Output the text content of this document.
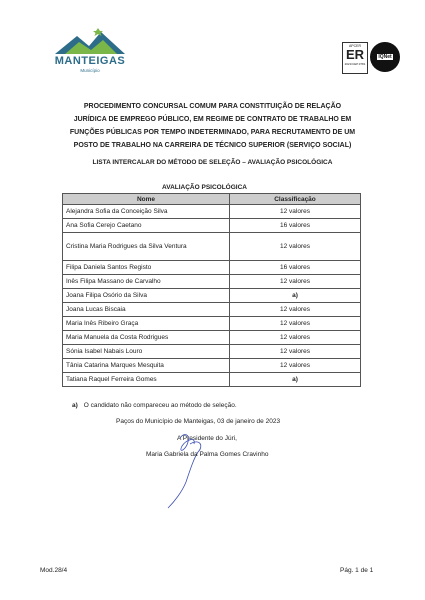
MANTEIGAS
Município
APCER
ER
2021/CEP.3781
IQNet
PROCEDIMENTO CONCURSAL COMUM PARA CONSTITUIÇÃO DE RELAÇÃO
JURÍDICA DE EMPREGO PÚBLICO, EM REGIME DE CONTRATO DE TRABALHO EM
FUNÇÕES PÚBLICAS POR TEMPO INDETERMINADO, PARA RECRUTAMENTO DE UM
POSTO DE TRABALHO NA CARREIRA DE TÉCNICO SUPERIOR (SERVIÇO SOCIAL)
LISTA INTERCALAR DO MÉTODO DE SELEÇÃO – AVALIAÇÃO PSICOLÓGICA
AVALIAÇÃO PSICOLÓGICA
Nome	Classificação
Alejandra Sofia da Conceição Silva	12 valores
Ana Sofia Cerejo Caetano	16 valores
Cristina Maria Rodrigues da Silva Ventura	12 valores
Filipa Daniela Santos Registo	16 valores
Inês Filipa Massano de Carvalho	12 valores
Joana Filipa Osório da Silva	a)
Joana Lucas Biscaia	12 valores
Maria Inês Ribeiro Graça	12 valores
Maria Manuela da Costa Rodrigues	12 valores
Sónia Isabel Nabais Louro	12 valores
Tânia Catarina Marques Mesquita	12 valores
Tatiana Raquel Ferreira Gomes	a)
a) O candidato não compareceu ao método de seleção.
Paços do Município de Manteigas, 03 de janeiro de 2023
A Presidente do Júri,
Maria Gabriela da Palma Gomes Cravinho
Mod.28/4	Pág. 1 de 1
